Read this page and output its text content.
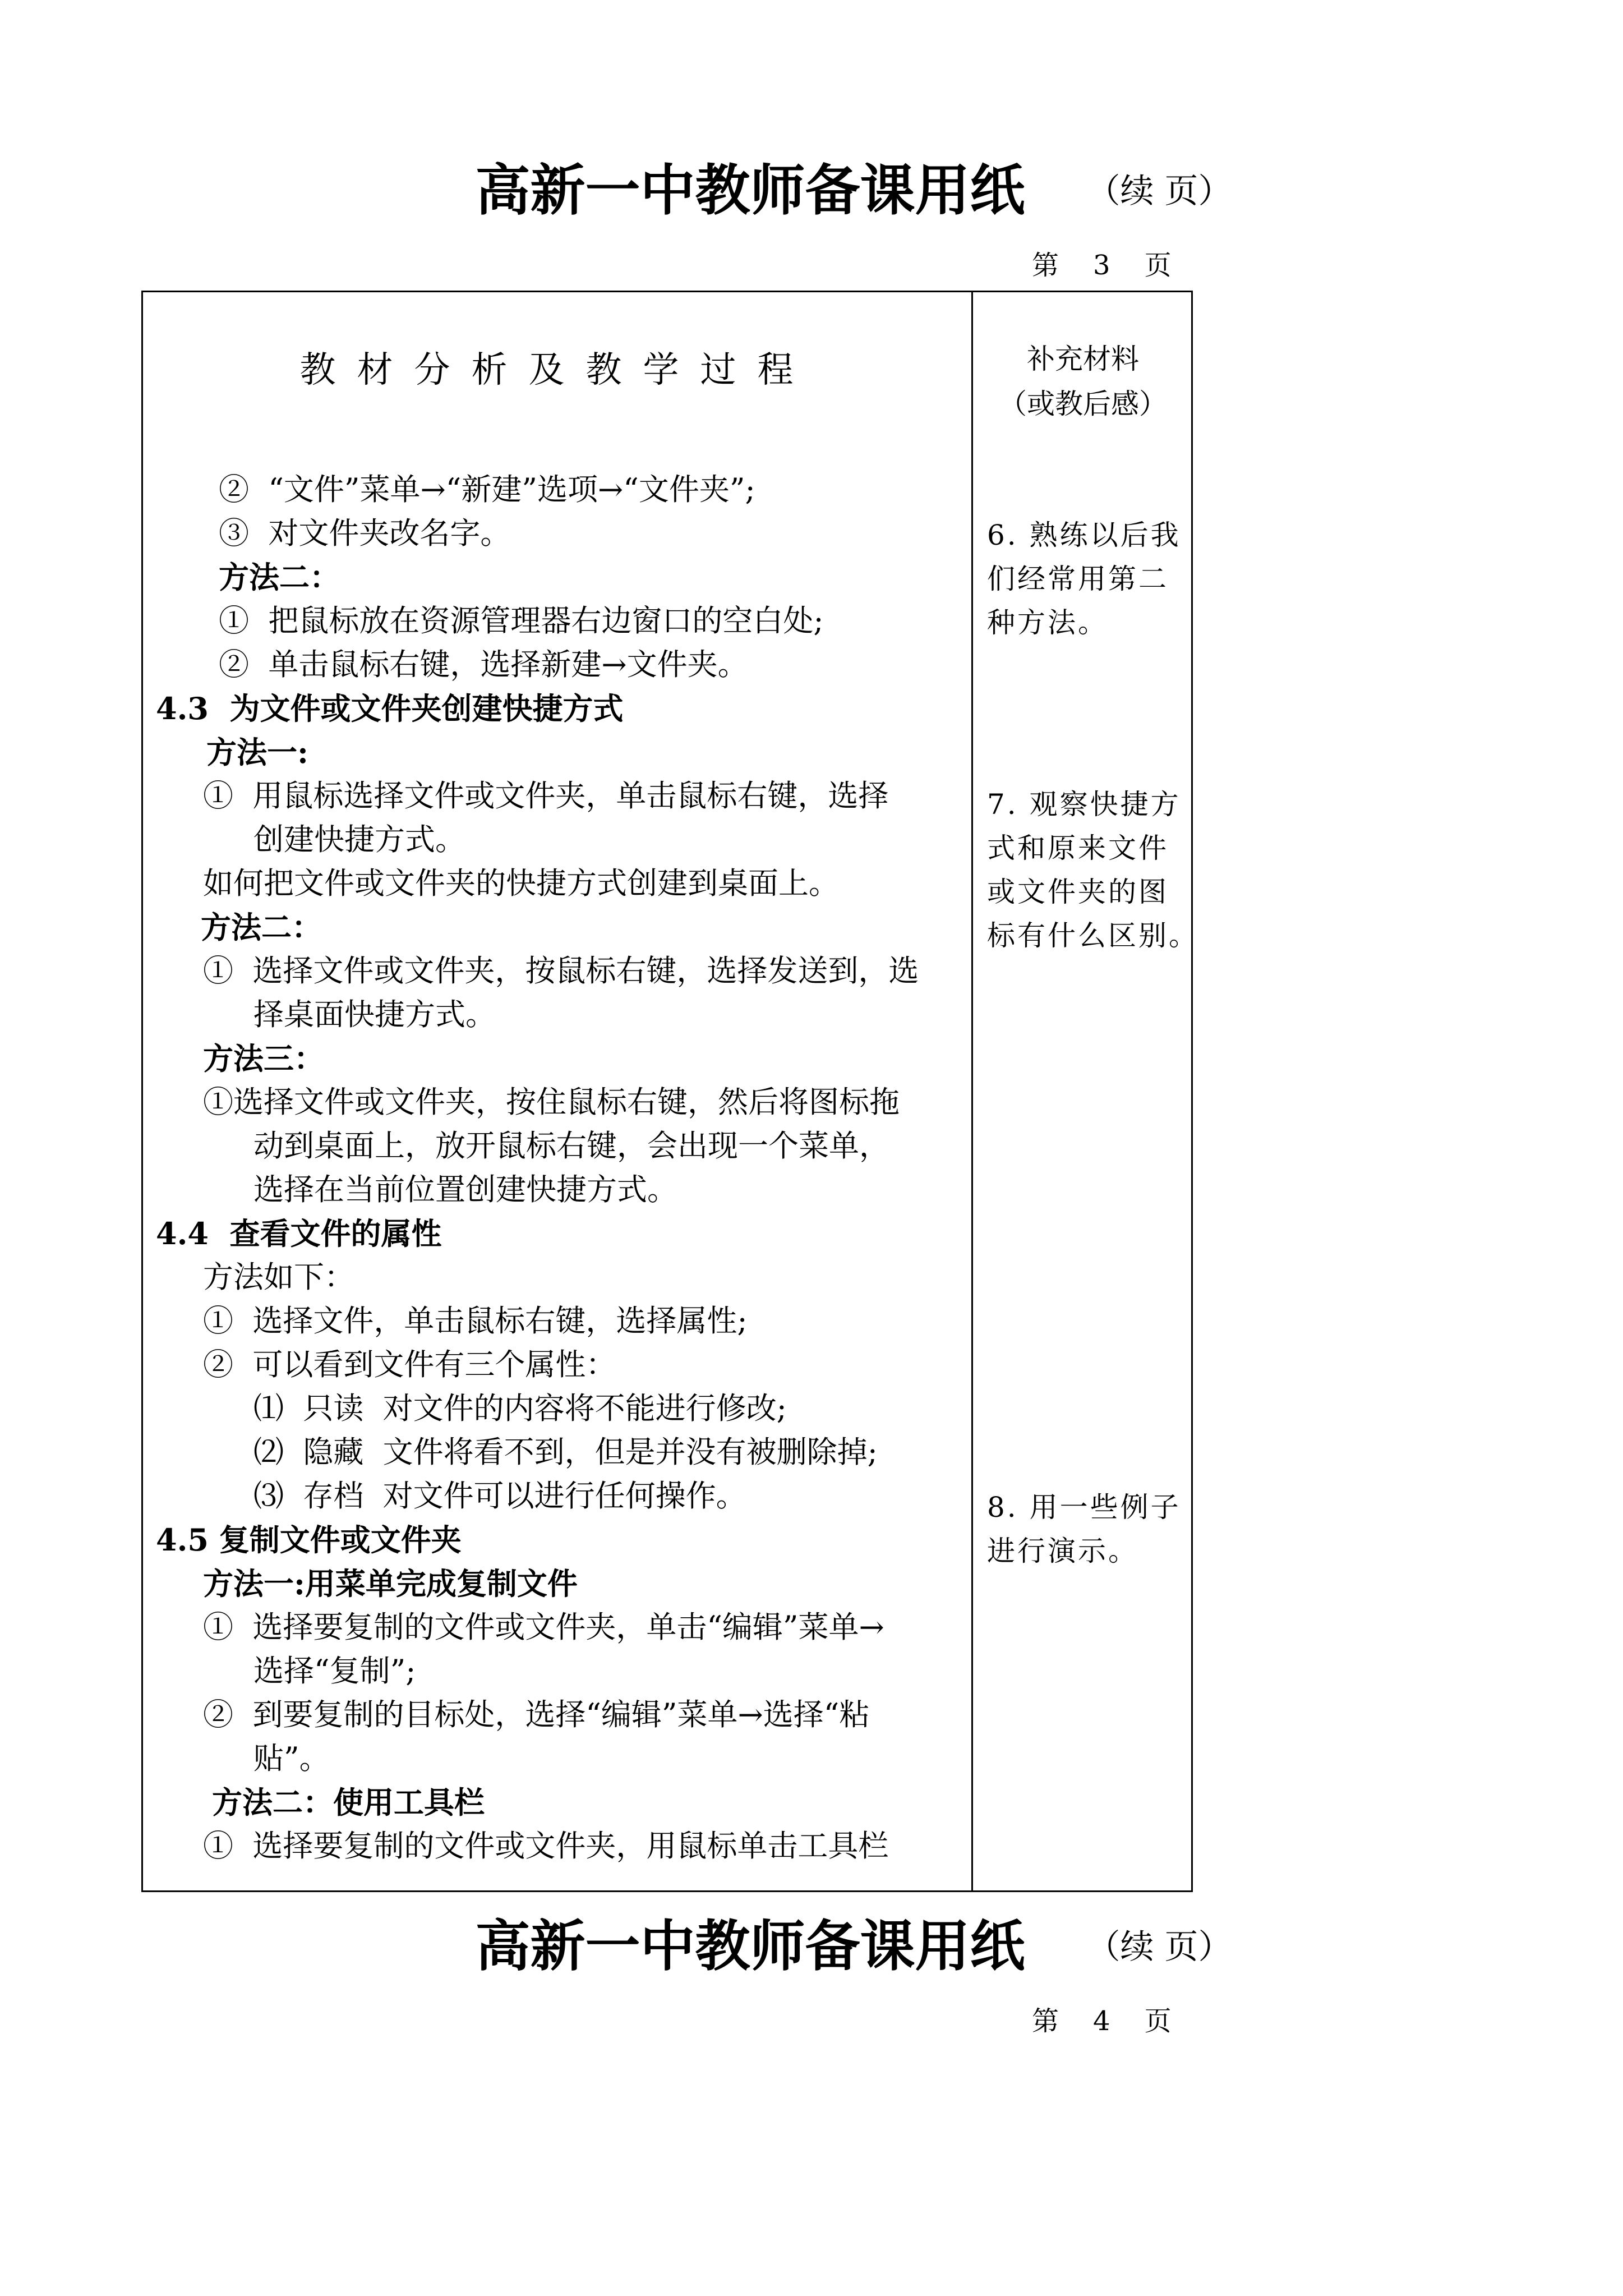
高新一中教师备课用纸 （续 页）
第    3    页
教材分析及教学过程	补充材料
（或教后感）
②  “文件”菜单→“新建”选项→“文件夹”;
③  对文件夹改名字。
方法二：
①  把鼠标放在资源管理器右边窗口的空白处;
②  单击鼠标右键，选择新建→文件夹。
4.3  为文件或文件夹创建快捷方式
方法一:
①  用鼠标选择文件或文件夹，单击鼠标右键，选择
创建快捷方式。
如何把文件或文件夹的快捷方式创建到桌面上。
方法二：
①  选择文件或文件夹，按鼠标右键，选择发送到，选
择桌面快捷方式。
方法三：
①选择文件或文件夹，按住鼠标右键，然后将图标拖
动到桌面上，放开鼠标右键，会出现一个菜单，
选择在当前位置创建快捷方式。
4.4  查看文件的属性
方法如下：
①  选择文件，单击鼠标右键，选择属性;
②  可以看到文件有三个属性：
⑴  只读  对文件的内容将不能进行修改;
⑵  隐藏  文件将看不到，但是并没有被删除掉;
⑶  存档  对文件可以进行任何操作。
4.5 复制文件或文件夹
方法一:用菜单完成复制文件
①  选择要复制的文件或文件夹，单击“编辑”菜单→
选择“复制”;
②  到要复制的目标处，选择“编辑”菜单→选择“粘
贴”。
方法二：使用工具栏
①  选择要复制的文件或文件夹，用鼠标单击工具栏
6. 熟练以后我
们经常用第二
种方法。
7. 观察快捷方
式和原来文件
或文件夹的图
标有什么区别。
8. 用一些例子
进行演示。
高新一中教师备课用纸 （续 页）
第    4    页
